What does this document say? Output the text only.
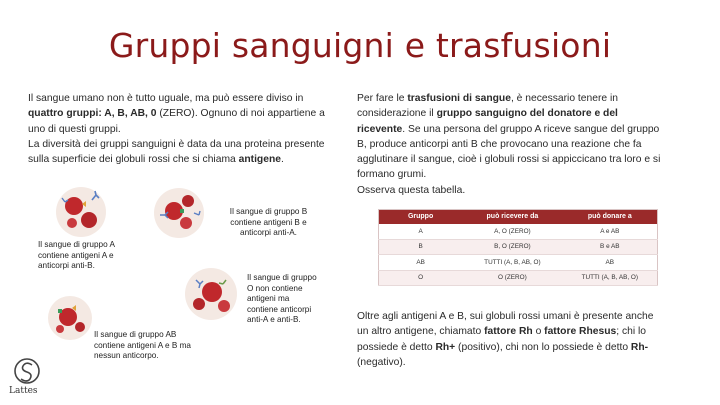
Gruppi sanguigni e trasfusioni
Il sangue umano non è tutto uguale, ma può essere diviso in quattro gruppi: A, B, AB, 0 (ZERO). Ognuno di noi appartiene a uno di questi gruppi.
La diversità dei gruppi sanguigni è data da una proteina presente sulla superficie dei globuli rossi che si chiama antigene.
Per fare le trasfusioni di sangue, è necessario tenere in considerazione il gruppo sanguigno del donatore e del ricevente. Se una persona del gruppo A riceve sangue del gruppo B, produce anticorpi anti B che provocano una reazione che fa agglutinare il sangue, cioè i globuli rossi si appiccicano tra loro e si formano grumi.
Osserva questa tabella.
Il sangue di gruppo B contiene antigeni B e anticorpi anti-A.
Il sangue di gruppo A contiene antigeni A e anticorpi anti-B.
Il sangue di gruppo O non contiene antigeni ma contiene anticorpi anti-A e anti-B.
Il sangue di gruppo AB contiene antigeni A e B ma nessun anticorpo.
Gruppo	può ricevere da	può donare a
A	A, O (ZERO)	A e AB
B	B, O (ZERO)	B e AB
AB	TUTTI (A, B, AB, O)	AB
O	O (ZERO)	TUTTI (A, B, AB, O)
Oltre agli antigeni A e B, sui globuli rossi umani è presente anche un altro antigene, chiamato fattore Rh o fattore Rhesus; chi lo possiede è detto Rh+ (positivo), chi non lo possiede è detto Rh- (negativo).
Lattes
